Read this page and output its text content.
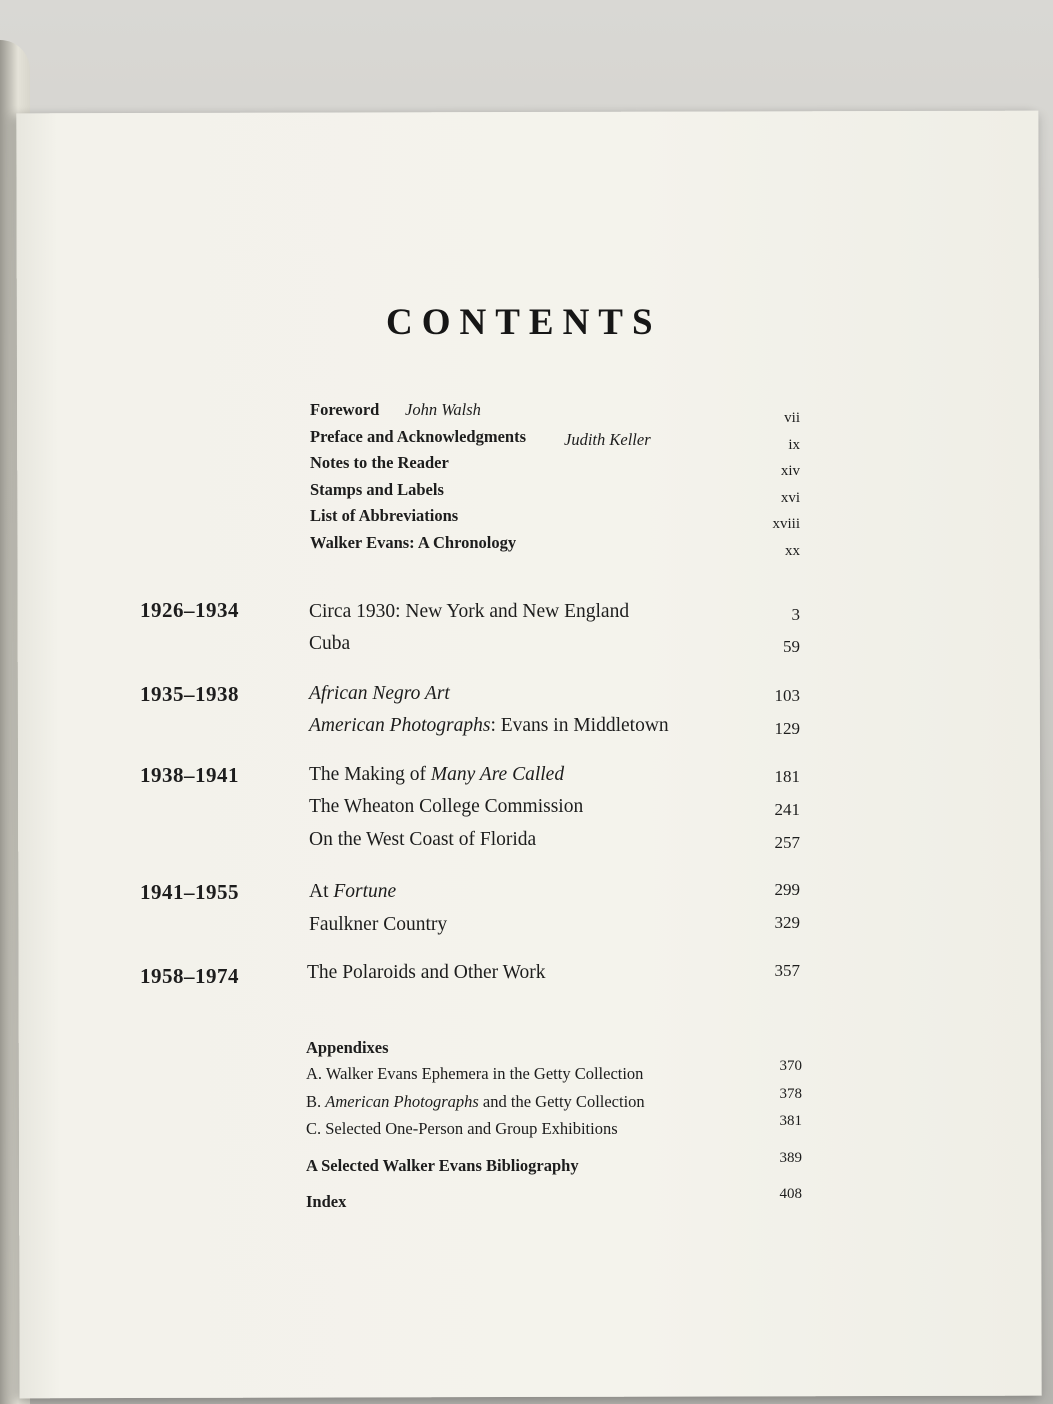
CONTENTS
Foreword John Walsh	vii
Preface and Acknowledgments Judith Keller	ix
Notes to the Reader	xiv
Stamps and Labels	xvi
List of Abbreviations	xviii
Walker Evans: A Chronology	xx
1926–1934	Circa 1930: New York and New England	3
Cuba	59
1935–1938	African Negro Art	103
American Photographs: Evans in Middletown	129
1938–1941	The Making of Many Are Called	181
The Wheaton College Commission	241
On the West Coast of Florida	257
1941–1955	At Fortune	299
Faulkner Country	329
1958–1974	The Polaroids and Other Work	357
Appendixes
A. Walker Evans Ephemera in the Getty Collection	370
B. American Photographs and the Getty Collection	378
C. Selected One-Person and Group Exhibitions	381
A Selected Walker Evans Bibliography	389
Index	408
